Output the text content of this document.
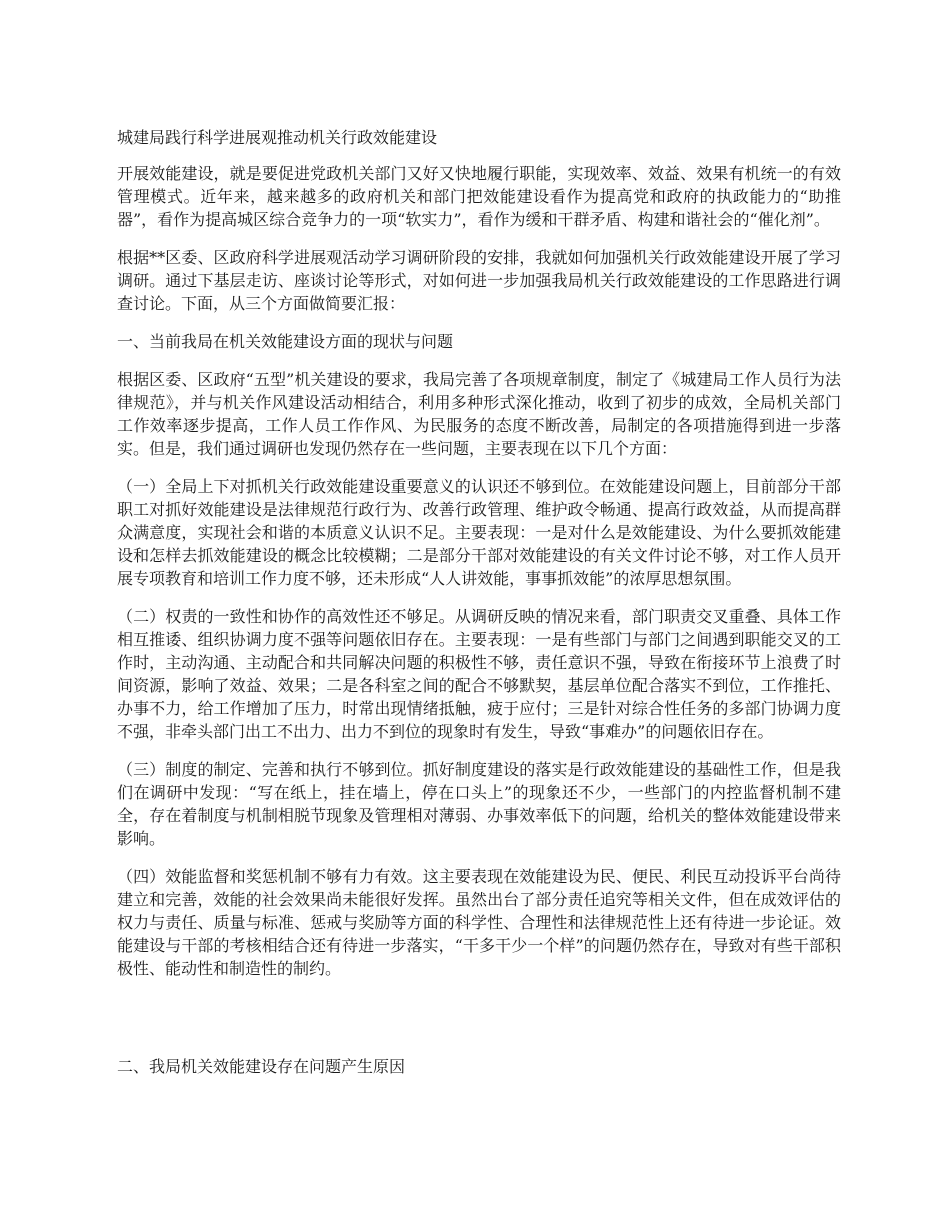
城建局践行科学进展观推动机关行政效能建设

开展效能建设，就是要促进党政机关部门又好又快地履行职能，实现效率、效益、效果有机统一的有效管理模式。近年来，越来越多的政府机关和部门把效能建设看作为提高党和政府的执政能力的“助推器”，看作为提高城区综合竞争力的一项“软实力”，看作为缓和干群矛盾、构建和谐社会的“催化剂”。

根据**区委、区政府科学进展观活动学习调研阶段的安排，我就如何加强机关行政效能建设开展了学习调研。通过下基层走访、座谈讨论等形式，对如何进一步加强我局机关行政效能建设的工作思路进行调查讨论。下面，从三个方面做简要汇报：

一、当前我局在机关效能建设方面的现状与问题

根据区委、区政府“五型”机关建设的要求，我局完善了各项规章制度，制定了《城建局工作人员行为法律规范》，并与机关作风建设活动相结合，利用多种形式深化推动，收到了初步的成效，全局机关部门工作效率逐步提高，工作人员工作作风、为民服务的态度不断改善，局制定的各项措施得到进一步落实。但是，我们通过调研也发现仍然存在一些问题，主要表现在以下几个方面：

（一）全局上下对抓机关行政效能建设重要意义的认识还不够到位。在效能建设问题上，目前部分干部职工对抓好效能建设是法律规范行政行为、改善行政管理、维护政令畅通、提高行政效益，从而提高群众满意度，实现社会和谐的本质意义认识不足。主要表现：一是对什么是效能建设、为什么要抓效能建设和怎样去抓效能建设的概念比较模糊；二是部分干部对效能建设的有关文件讨论不够，对工作人员开展专项教育和培训工作力度不够，还未形成“人人讲效能，事事抓效能”的浓厚思想氛围。

（二）权责的一致性和协作的高效性还不够足。从调研反映的情况来看，部门职责交叉重叠、具体工作相互推诿、组织协调力度不强等问题依旧存在。主要表现：一是有些部门与部门之间遇到职能交叉的工作时，主动沟通、主动配合和共同解决问题的积极性不够，责任意识不强，导致在衔接环节上浪费了时间资源，影响了效益、效果；二是各科室之间的配合不够默契，基层单位配合落实不到位，工作推托、办事不力，给工作增加了压力，时常出现情绪抵触，疲于应付；三是针对综合性任务的多部门协调力度不强，非牵头部门出工不出力、出力不到位的现象时有发生，导致“事难办”的问题依旧存在。

（三）制度的制定、完善和执行不够到位。抓好制度建设的落实是行政效能建设的基础性工作，但是我们在调研中发现：“写在纸上，挂在墙上，停在口头上”的现象还不少，一些部门的内控监督机制不建全，存在着制度与机制相脱节现象及管理相对薄弱、办事效率低下的问题，给机关的整体效能建设带来影响。

（四）效能监督和奖惩机制不够有力有效。这主要表现在效能建设为民、便民、利民互动投诉平台尚待建立和完善，效能的社会效果尚未能很好发挥。虽然出台了部分责任追究等相关文件，但在成效评估的权力与责任、质量与标准、惩戒与奖励等方面的科学性、合理性和法律规范性上还有待进一步论证。效能建设与干部的考核相结合还有待进一步落实，“干多干少一个样”的问题仍然存在，导致对有些干部积极性、能动性和制造性的制约。

二、我局机关效能建设存在问题产生原因
